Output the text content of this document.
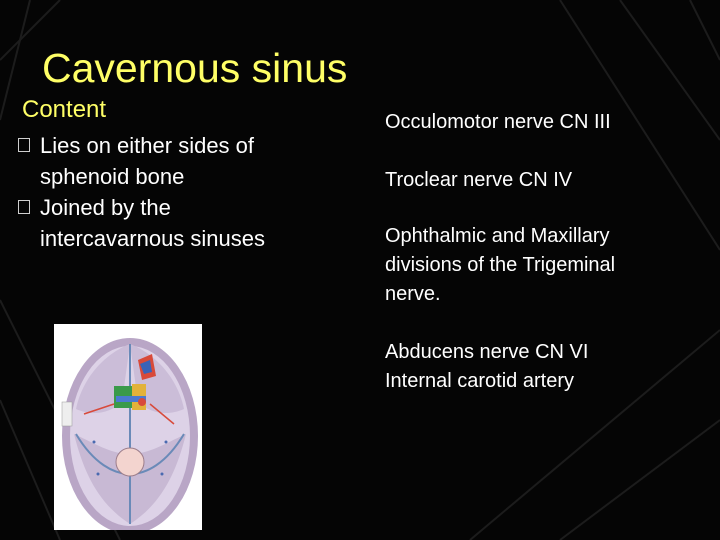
Cavernous sinus
Content
Lies on either sides of sphenoid bone
Joined by the intercavarnous sinuses
Occulomotor nerve CN III
Troclear nerve CN IV
Ophthalmic and Maxillary divisions of the Trigeminal nerve.
Abducens nerve CN VI
Internal carotid artery
